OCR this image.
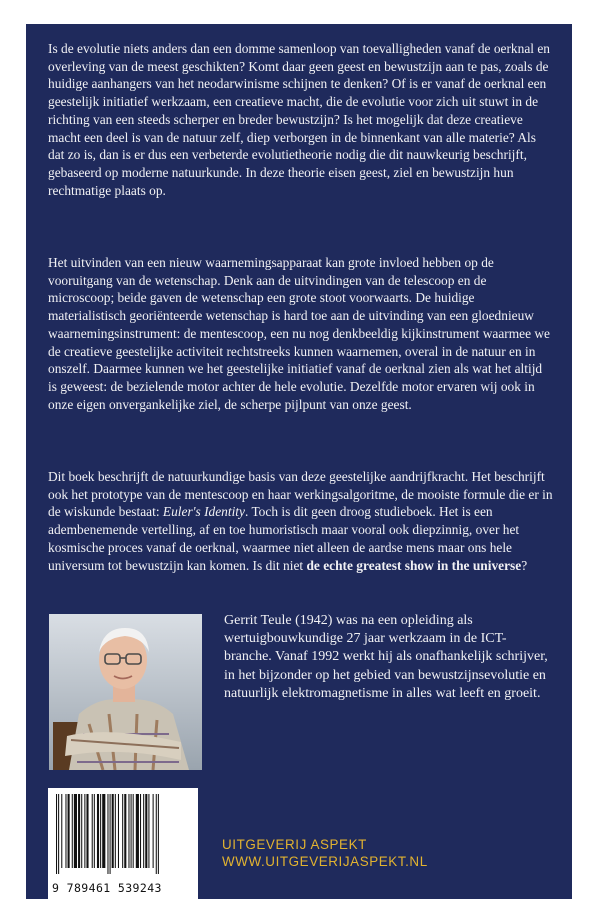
Is de evolutie niets anders dan een domme samenloop van toevalligheden vanaf de oerknal en overleving van de meest geschikten? Komt daar geen geest en bewustzijn aan te pas, zoals de huidige aanhangers van het neodarwinisme schijnen te denken? Of is er vanaf de oerknal een geestelijk initiatief werkzaam, een creatieve macht, die de evolutie voor zich uit stuwt in de richting van een steeds scherper en breder bewustzijn? Is het mogelijk dat deze creatieve macht een deel is van de natuur zelf, diep verborgen in de binnenkant van alle materie? Als dat zo is, dan is er dus een verbeterde evolutietheorie nodig die dit nauwkeurig beschrijft, gebaseerd op moderne natuurkunde. In deze theorie eisen geest, ziel en bewustzijn hun rechtmatige plaats op.

Het uitvinden van een nieuw waarnemingsapparaat kan grote invloed hebben op de vooruitgang van de wetenschap. Denk aan de uitvindingen van de telescoop en de microscoop; beide gaven de wetenschap een grote stoot voorwaarts. De huidige materialistisch georiënteerde wetenschap is hard toe aan de uitvinding van een gloednieuw waarnemingsinstrument: de mentescoop, een nu nog denkbeeldig kijkinstrument waarmee we de creatieve geestelijke activiteit rechtstreeks kunnen waarnemen, overal in de natuur en in onszelf. Daarmee kunnen we het geestelijke initiatief vanaf de oerknal zien als wat het altijd is geweest: de bezielende motor achter de hele evolutie. Dezelfde motor ervaren wij ook in onze eigen onvergankelijke ziel, de scherpe pijlpunt van onze geest.

Dit boek beschrijft de natuurkundige basis van deze geestelijke aandrijfkracht. Het beschrijft ook het prototype van de mentescoop en haar werkingsalgoritme, de mooiste formule die er in de wiskunde bestaat: Euler's Identity. Toch is dit geen droog studieboek. Het is een adembenemende vertelling, af en toe humoristisch maar vooral ook diepzinnig, over het kosmische proces vanaf de oerknal, waarmee niet alleen de aardse mens maar ons hele universum tot bewustzijn kan komen. Is dit niet de echte greatest show in the universe?

Gerrit Teule (1942) was na een opleiding als wertuigbouwkundige 27 jaar werkzaam in de ICT-branche. Vanaf 1992 werkt hij als onafhankelijk schrijver, in het bijzonder op het gebied van bewustzijnsevolutie en natuurlijk elektromagnetisme in alles wat leeft en groeit.
9 789461 539243
UITGEVERIJ ASPEKT
WWW.UITGEVERIJASPEKT.NL
